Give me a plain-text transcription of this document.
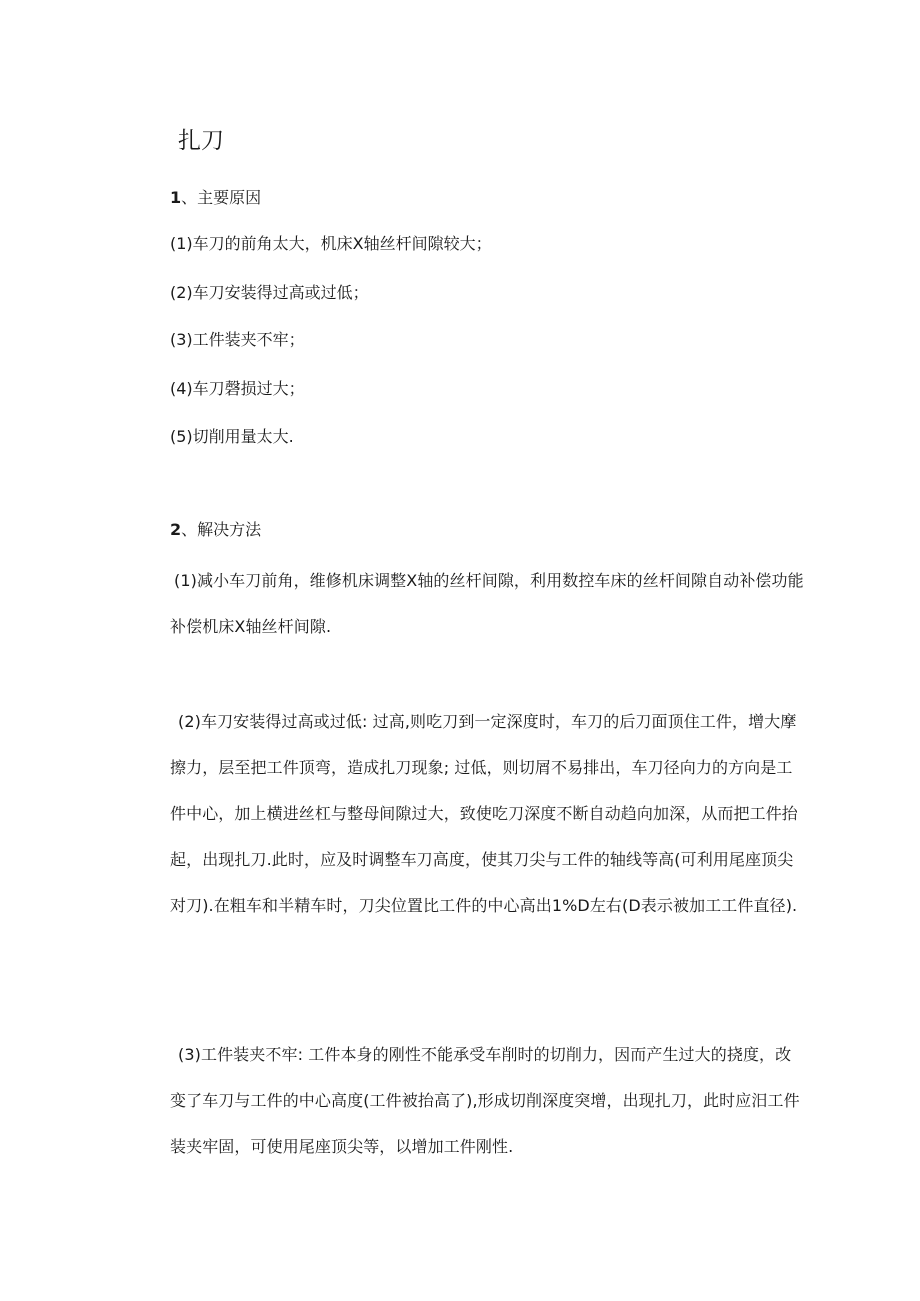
扎刀

1、主要原因

(1)车刀的前角太大，机床X轴丝杆间隙较大；

(2)车刀安装得过高或过低；

(3)工件装夹不牢；

(4)车刀磬损过大；

(5)切削用量太大.

2、解决方法

(1)减小车刀前角，维修机床调整X轴的丝杆间隙，利用数控车床的丝杆间隙自动补偿功能补偿机床X轴丝杆间隙.

(2)车刀安装得过高或过低: 过高,则吃刀到一定深度时，车刀的后刀面顶住工件，增大摩擦力，层至把工件顶弯，造成扎刀现象; 过低，则切屑不易排出，车刀径向力的方向是工件中心，加上横进丝杠与整母间隙过大，致使吃刀深度不断自动趋向加深，从而把工件抬起，出现扎刀.此时，应及时调整车刀高度，使其刀尖与工件的轴线等高(可利用尾座顶尖对刀).在粗车和半精车时，刀尖位置比工件的中心高出1%D左右(D表示被加工工件直径).

(3)工件装夹不牢: 工件本身的刚性不能承受车削时的切削力，因而产生过大的挠度，改变了车刀与工件的中心高度(工件被抬高了),形成切削深度突增，出现扎刀，此时应汨工件装夹牢固，可使用尾座顶尖等，以增加工件刚性.
